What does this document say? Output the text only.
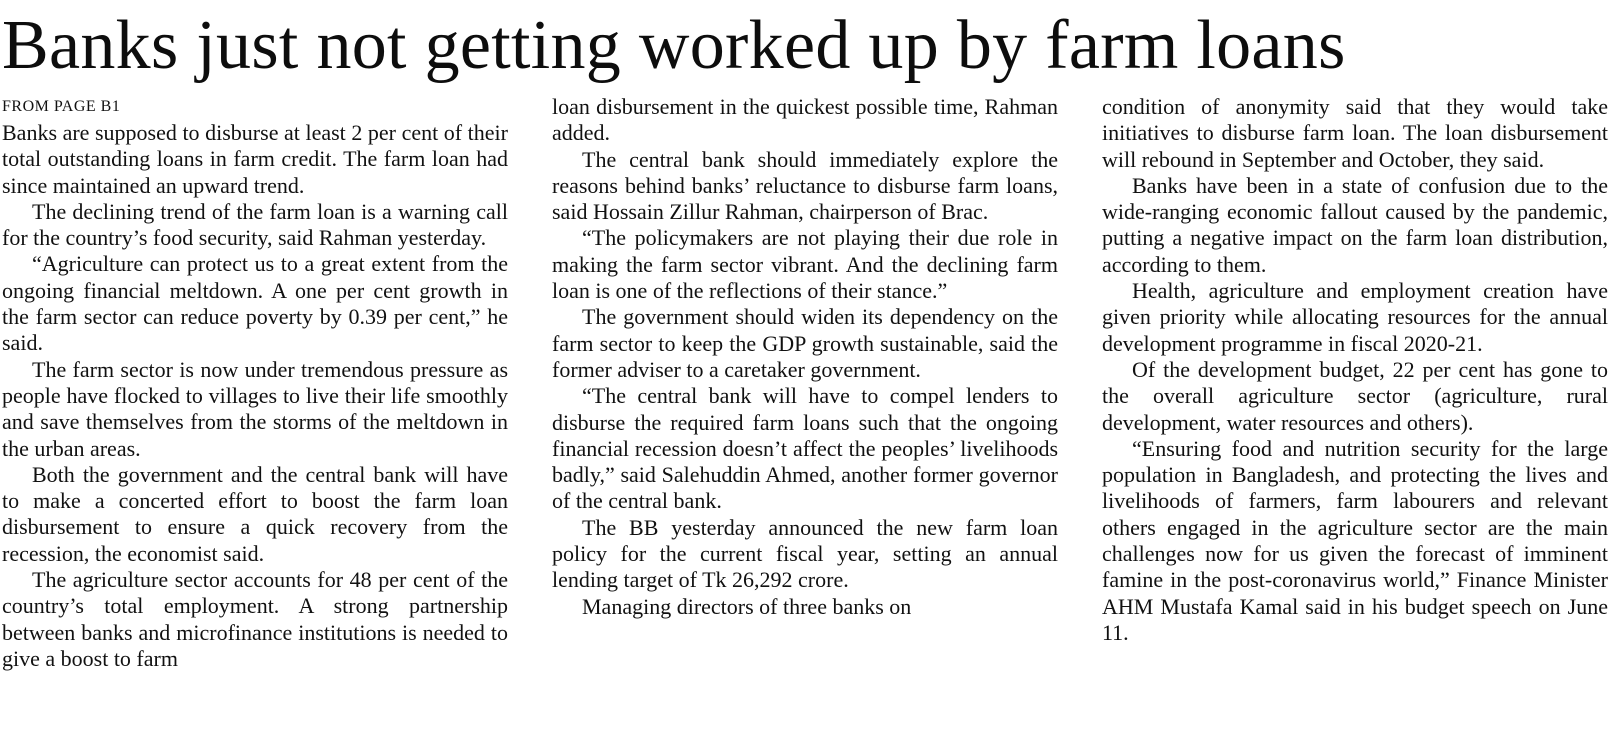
Banks just not getting worked up by farm loans
FROM PAGE B1

Banks are supposed to disburse at least 2 per cent of their total outstanding loans in farm credit. The farm loan had since maintained an upward trend.

The declining trend of the farm loan is a warning call for the country’s food security, said Rahman yesterday.

“Agriculture can protect us to a great extent from the ongoing financial meltdown. A one per cent growth in the farm sector can reduce poverty by 0.39 per cent,” he said.

The farm sector is now under tremendous pressure as people have flocked to villages to live their life smoothly and save themselves from the storms of the meltdown in the urban areas.

Both the government and the central bank will have to make a concerted effort to boost the farm loan disbursement to ensure a quick recovery from the recession, the economist said.

The agriculture sector accounts for 48 per cent of the country’s total employment. A strong partnership between banks and microfinance institutions is needed to give a boost to farm

loan disbursement in the quickest possible time, Rahman added.

The central bank should immediately explore the reasons behind banks’ reluctance to disburse farm loans, said Hossain Zillur Rahman, chairperson of Brac.

“The policymakers are not playing their due role in making the farm sector vibrant. And the declining farm loan is one of the reflections of their stance.”

The government should widen its dependency on the farm sector to keep the GDP growth sustainable, said the former adviser to a caretaker government.

“The central bank will have to compel lenders to disburse the required farm loans such that the ongoing financial recession doesn’t affect the peoples’ livelihoods badly,” said Salehuddin Ahmed, another former governor of the central bank.

The BB yesterday announced the new farm loan policy for the current fiscal year, setting an annual lending target of Tk 26,292 crore.

Managing directors of three banks on

condition of anonymity said that they would take initiatives to disburse farm loan. The loan disbursement will rebound in September and October, they said.

Banks have been in a state of confusion due to the wide-ranging economic fallout caused by the pandemic, putting a negative impact on the farm loan distribution, according to them.

Health, agriculture and employment creation have given priority while allocating resources for the annual development programme in fiscal 2020-21.

Of the development budget, 22 per cent has gone to the overall agriculture sector (agriculture, rural development, water resources and others).

“Ensuring food and nutrition security for the large population in Bangladesh, and protecting the lives and livelihoods of farmers, farm labourers and relevant others engaged in the agriculture sector are the main challenges now for us given the forecast of imminent famine in the post-coronavirus world,” Finance Minister AHM Mustafa Kamal said in his budget speech on June 11.
